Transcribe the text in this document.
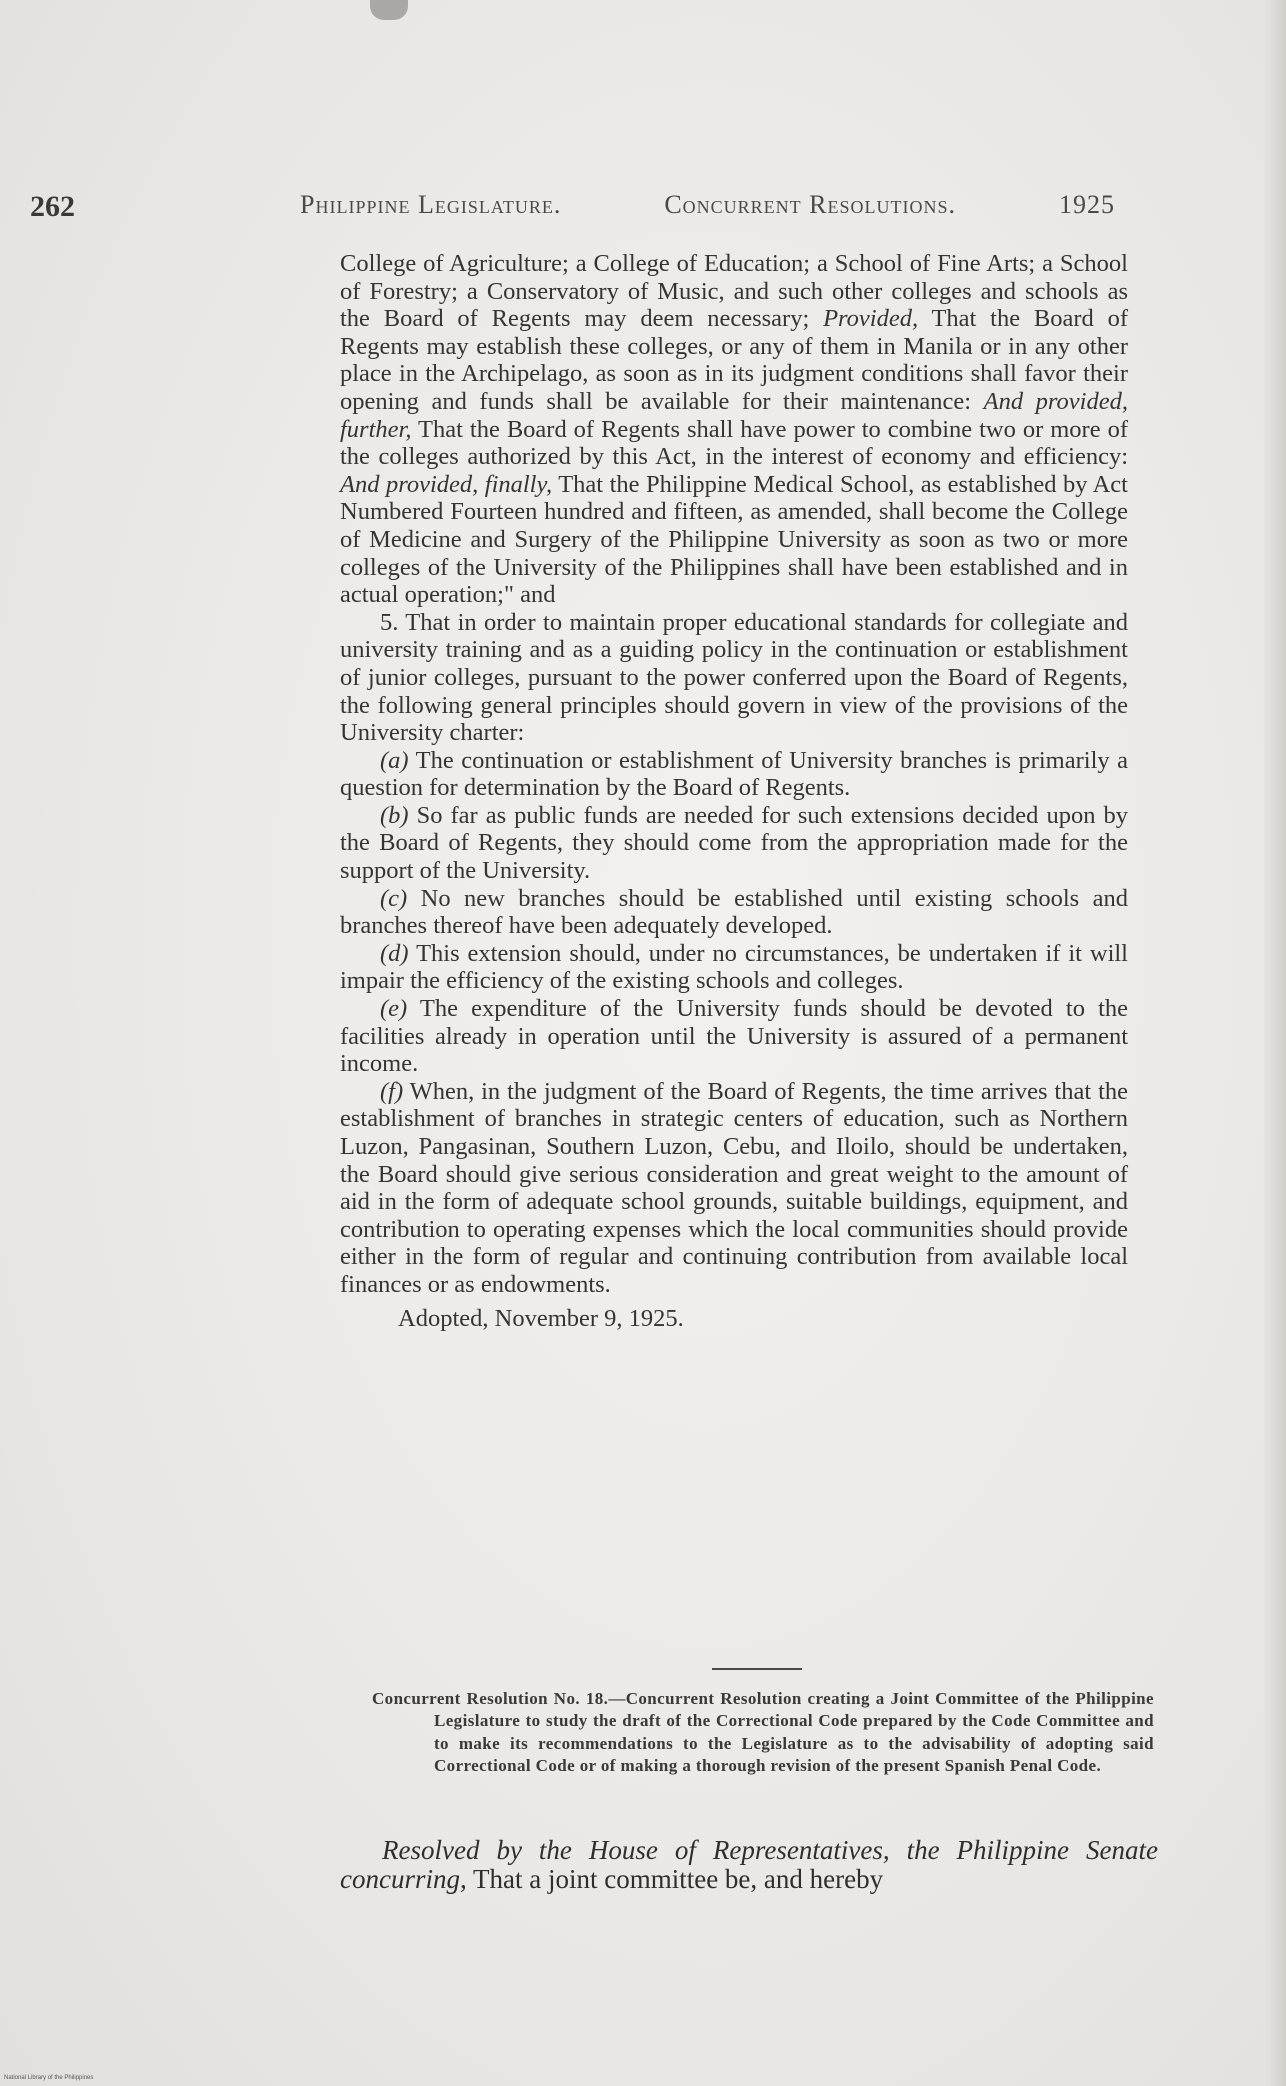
262	Philippine Legislature.	Concurrent Resolutions.	1925

College of Agriculture; a College of Education; a School of Fine Arts; a School of Forestry; a Conservatory of Music, and such other colleges and schools as the Board of Regents may deem necessary; Provided, That the Board of Regents may establish these colleges, or any of them in Manila or in any other place in the Archipelago, as soon as in its judgment conditions shall favor their opening and funds shall be available for their maintenance: And provided, further, That the Board of Regents shall have power to combine two or more of the colleges authorized by this Act, in the interest of economy and efficiency: And provided, finally, That the Philippine Medical School, as established by Act Numbered Fourteen hundred and fifteen, as amended, shall become the College of Medicine and Surgery of the Philippine University as soon as two or more colleges of the University of the Philippines shall have been established and in actual operation;" and

5. That in order to maintain proper educational standards for collegiate and university training and as a guiding policy in the continuation or establishment of junior colleges, pursuant to the power conferred upon the Board of Regents, the following general principles should govern in view of the provisions of the University charter:

(a) The continuation or establishment of University branches is primarily a question for determination by the Board of Regents.

(b) So far as public funds are needed for such extensions decided upon by the Board of Regents, they should come from the appropriation made for the support of the University.

(c) No new branches should be established until existing schools and branches thereof have been adequately developed.

(d) This extension should, under no circumstances, be undertaken if it will impair the efficiency of the existing schools and colleges.

(e) The expenditure of the University funds should be devoted to the facilities already in operation until the University is assured of a permanent income.

(f) When, in the judgment of the Board of Regents, the time arrives that the establishment of branches in strategic centers of education, such as Northern Luzon, Pangasinan, Southern Luzon, Cebu, and Iloilo, should be undertaken, the Board should give serious consideration and great weight to the amount of aid in the form of adequate school grounds, suitable buildings, equipment, and contribution to operating expenses which the local communities should provide either in the form of regular and continuing contribution from available local finances or as endowments.

Adopted, November 9, 1925.

Concurrent Resolution No. 18.—Concurrent Resolution creating a Joint Committee of the Philippine Legislature to study the draft of the Correctional Code prepared by the Code Committee and to make its recommendations to the Legislature as to the advisability of adopting said Correctional Code or of making a thorough revision of the present Spanish Penal Code.

Resolved by the House of Representatives, the Philippine Senate concurring, That a joint committee be, and hereby

National Library of the Philippines
